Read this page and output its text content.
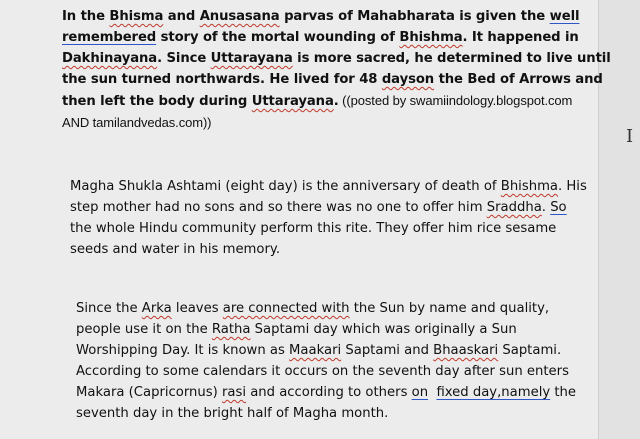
In the Bhisma and Anusasana parvas of Mahabharata is given the well
remembered story of the mortal wounding of Bhishma. It happened in
Dakhinayana. Since Uttarayana is more sacred, he determined to live until
the sun turned northwards. He lived for 48 dayson the Bed of Arrows and
then left the body during Uttarayana. ((posted by swamiindology.blogspot.com
AND tamilandvedas.com))
Magha Shukla Ashtami (eight day) is the anniversary of death of Bhishma. His
step mother had no sons and so there was no one to offer him Sraddha. So
the whole Hindu community perform this rite. They offer him rice sesame
seeds and water in his memory.
Since the Arka leaves are connected with the Sun by name and quality,
people use it on the Ratha Saptami day which was originally a Sun
Worshipping Day. It is known as Maakari Saptami and Bhaaskari Saptami.
According to some calendars it occurs on the seventh day after sun enters
Makara (Capricornus) rasi and according to others on fixed day,namely the
seventh day in the bright half of Magha month.
I
